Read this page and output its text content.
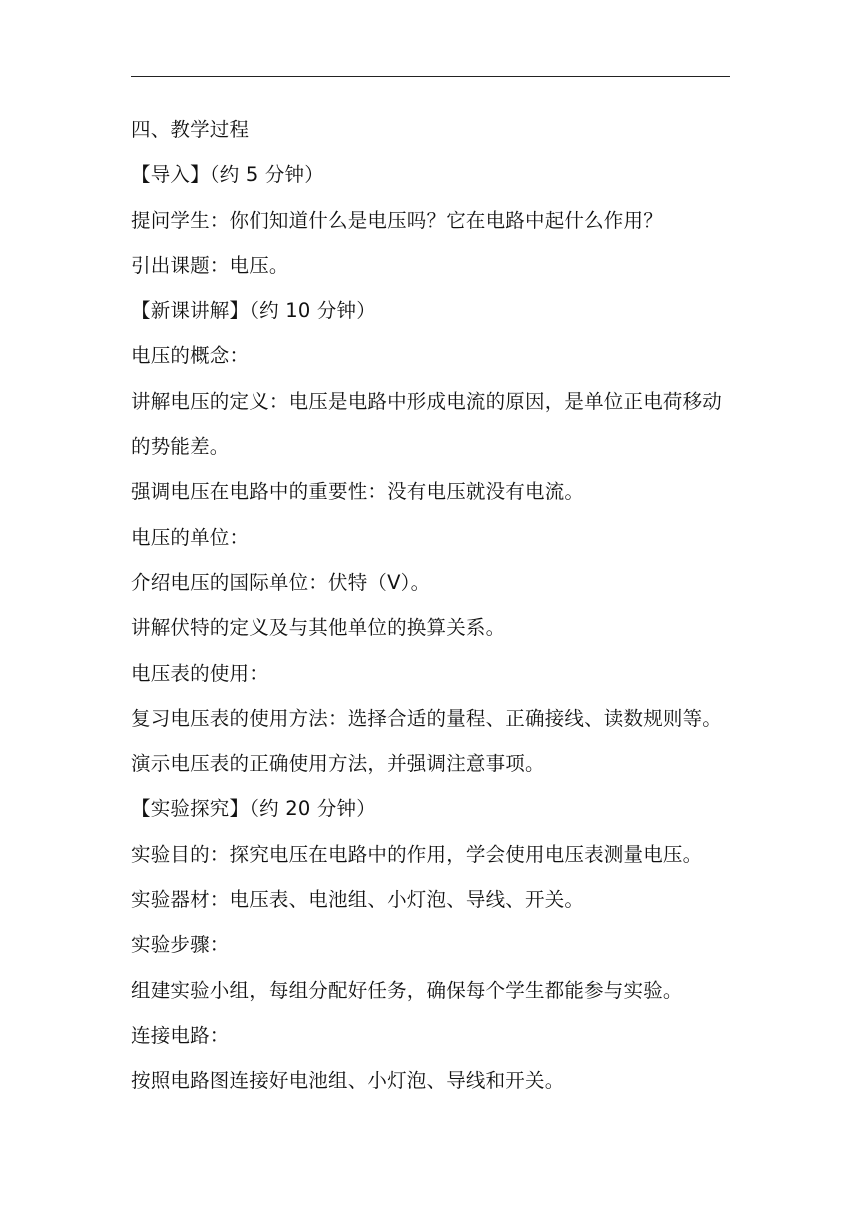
四、教学过程
【导入】（约 5 分钟）
提问学生：你们知道什么是电压吗？它在电路中起什么作用？
引出课题：电压。
【新课讲解】（约 10 分钟）
电压的概念：
讲解电压的定义：电压是电路中形成电流的原因，是单位正电荷移动
的势能差。
强调电压在电路中的重要性：没有电压就没有电流。
电压的单位：
介绍电压的国际单位：伏特（V）。
讲解伏特的定义及与其他单位的换算关系。
电压表的使用：
复习电压表的使用方法：选择合适的量程、正确接线、读数规则等。
演示电压表的正确使用方法，并强调注意事项。
【实验探究】（约 20 分钟）
实验目的：探究电压在电路中的作用，学会使用电压表测量电压。
实验器材：电压表、电池组、小灯泡、导线、开关。
实验步骤：
组建实验小组，每组分配好任务，确保每个学生都能参与实验。
连接电路：
按照电路图连接好电池组、小灯泡、导线和开关。
